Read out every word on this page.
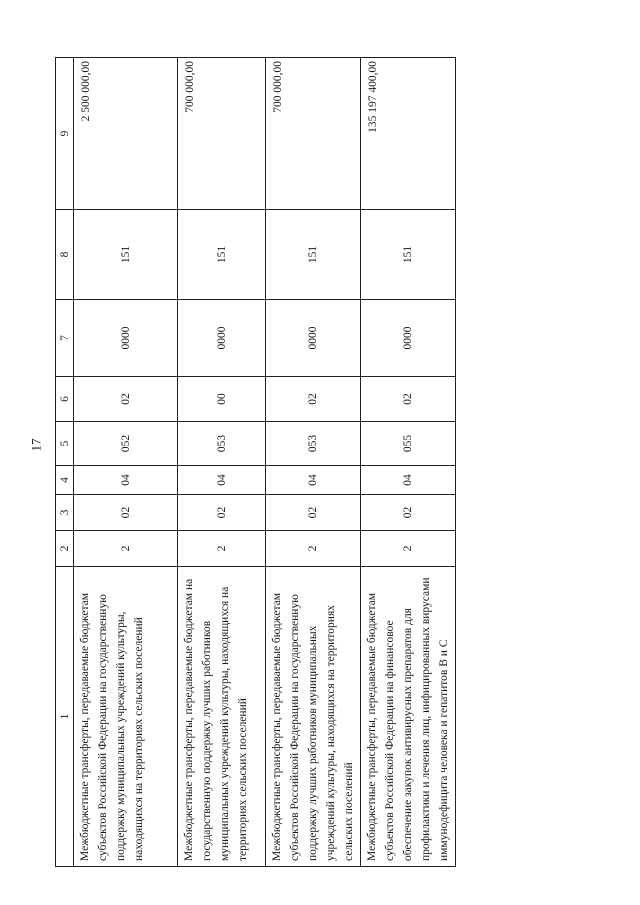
17
1	2	3	4	5	6	7	8	9
Межбюджетные трансферты, передаваемые бюджетам субъектов Российской Федерации на государственную поддержку муниципальных учреждений культуры, находящихся на территориях сельских поселений	2	02	04	052	02	0000	151	2 500 000,00
Межбюджетные трансферты, передаваемые бюджетам на государственную поддержку лучших работников муниципальных учреждений культуры, находящихся на территориях сельских поселений	2	02	04	053	00	0000	151	700 000,00
Межбюджетные трансферты, передаваемые бюджетам субъектов Российской Федерации на государственную поддержку лучших работников муниципальных учреждений культуры, находящихся на территориях сельских поселений	2	02	04	053	02	0000	151	700 000,00
Межбюджетные трансферты, передаваемые бюджетам субъектов Российской Федерации на финансовое обеспечение закупок антивирусных препаратов для профилактики и лечения лиц, инфицированных вирусами иммунодефицита человека и гепатитов B и C	2	02	04	055	02	0000	151	135 197 400,00
